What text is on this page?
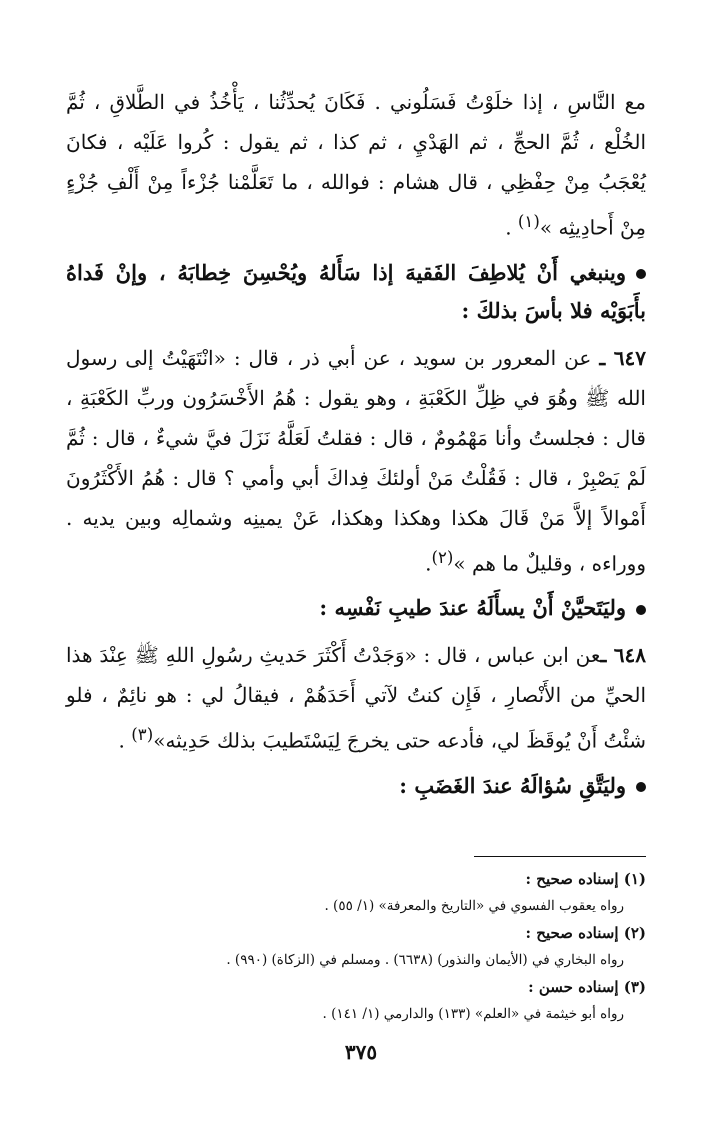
مع النَّاسِ ، إذا خلَوْتُ فَسَلُوني . فَكَانَ يُحدِّثُنا ، يَأْخُذُ في الطَّلاقِ ، ثُمَّ الخُلْع ، ثُمَّ الحجِّ ، ثم الهَدْيِ ، ثم كذا ، ثم يقول : كُروا عَلَيْه ، فكانَ يُعْجَبُ مِنْ حِفْظِي ، قال هشام : فوالله ، ما تَعَلَّمْنا جُزْءاً مِنْ أَلْفِ جُزْءٍ مِنْ أَحادِيثِه »$^{(١)}$ .

وينبغي أَنْ يُلاطِفَ الفَقيهَ إذا سَأَلهُ ويُحْسِنَ خِطابَهُ ، وإنْ فَداهُ بأَبَوَيْه فلا بأسَ بذلكَ :

٦٤٧ ـ عن المعرور بن سويد ، عن أبي ذر ، قال : «انْتَهَيْتُ إلى رسول الله ﷺ وهُوَ في ظِلِّ الكَعْبَةِ ، وهو يقول : هُمُ الأَخْسَرُون وربِّ الكَعْبَةِ ، قال : فجلستُ وأنا مَهْمُومٌ ، قال : فقلتُ لَعَلَّهُ نَزَلَ فيَّ شيءٌ ، قال : ثُمَّ لَمْ يَصْبِرْ ، قال : فَقُلْتُ مَنْ أولئكَ فِداكَ أبي وأمي ؟ قال : هُمُ الأَكْثَرُونَ أَمْوالاً إلاَّ مَنْ قَالَ هكذا وهكذا وهكذا، عَنْ يمينِه وشمالِه وبين يديه . ووراءه ، وقليلٌ ما هم »$^{(٢)}$.

وليَتَحيَّنْ أَنْ يسأَلَهُ عندَ طيبِ نَفْسِه :

٦٤٨ ـعن ابن عباس ، قال : «وَجَدْتُ أَكْثَرَ حَديثِ رسُولِ اللهِ ﷺ عِنْدَ هذا الحيِّ من الأَنْصارِ ، فَإِن كنتُ لآتي أَحَدَهُمْ ، فيقالُ لي : هو نائِمٌ ، فلو شئْتُ أَنْ يُوقَظَ لي، فأدعه حتى يخرجَ لِيَسْتَطيبَ بذلك حَدِيثه»$^{(٣)}$ .

وليَتَّقِ سُؤالَهُ عندَ الغَضَبِ :

(١) إسناده صحيح :

رواه يعقوب الفسوي في «التاريخ والمعرفة» (١/ ٥٥) .

(٢) إسناده صحيح :

رواه البخاري في (الأيمان والنذور) (٦٦٣٨) . ومسلم في (الزكاة) (٩٩٠) .

(٣) إسناده حسن :

رواه أبو خيثمة في «العلم» (١٣٣) والدارمي (١/ ١٤١) .

٣٧٥
